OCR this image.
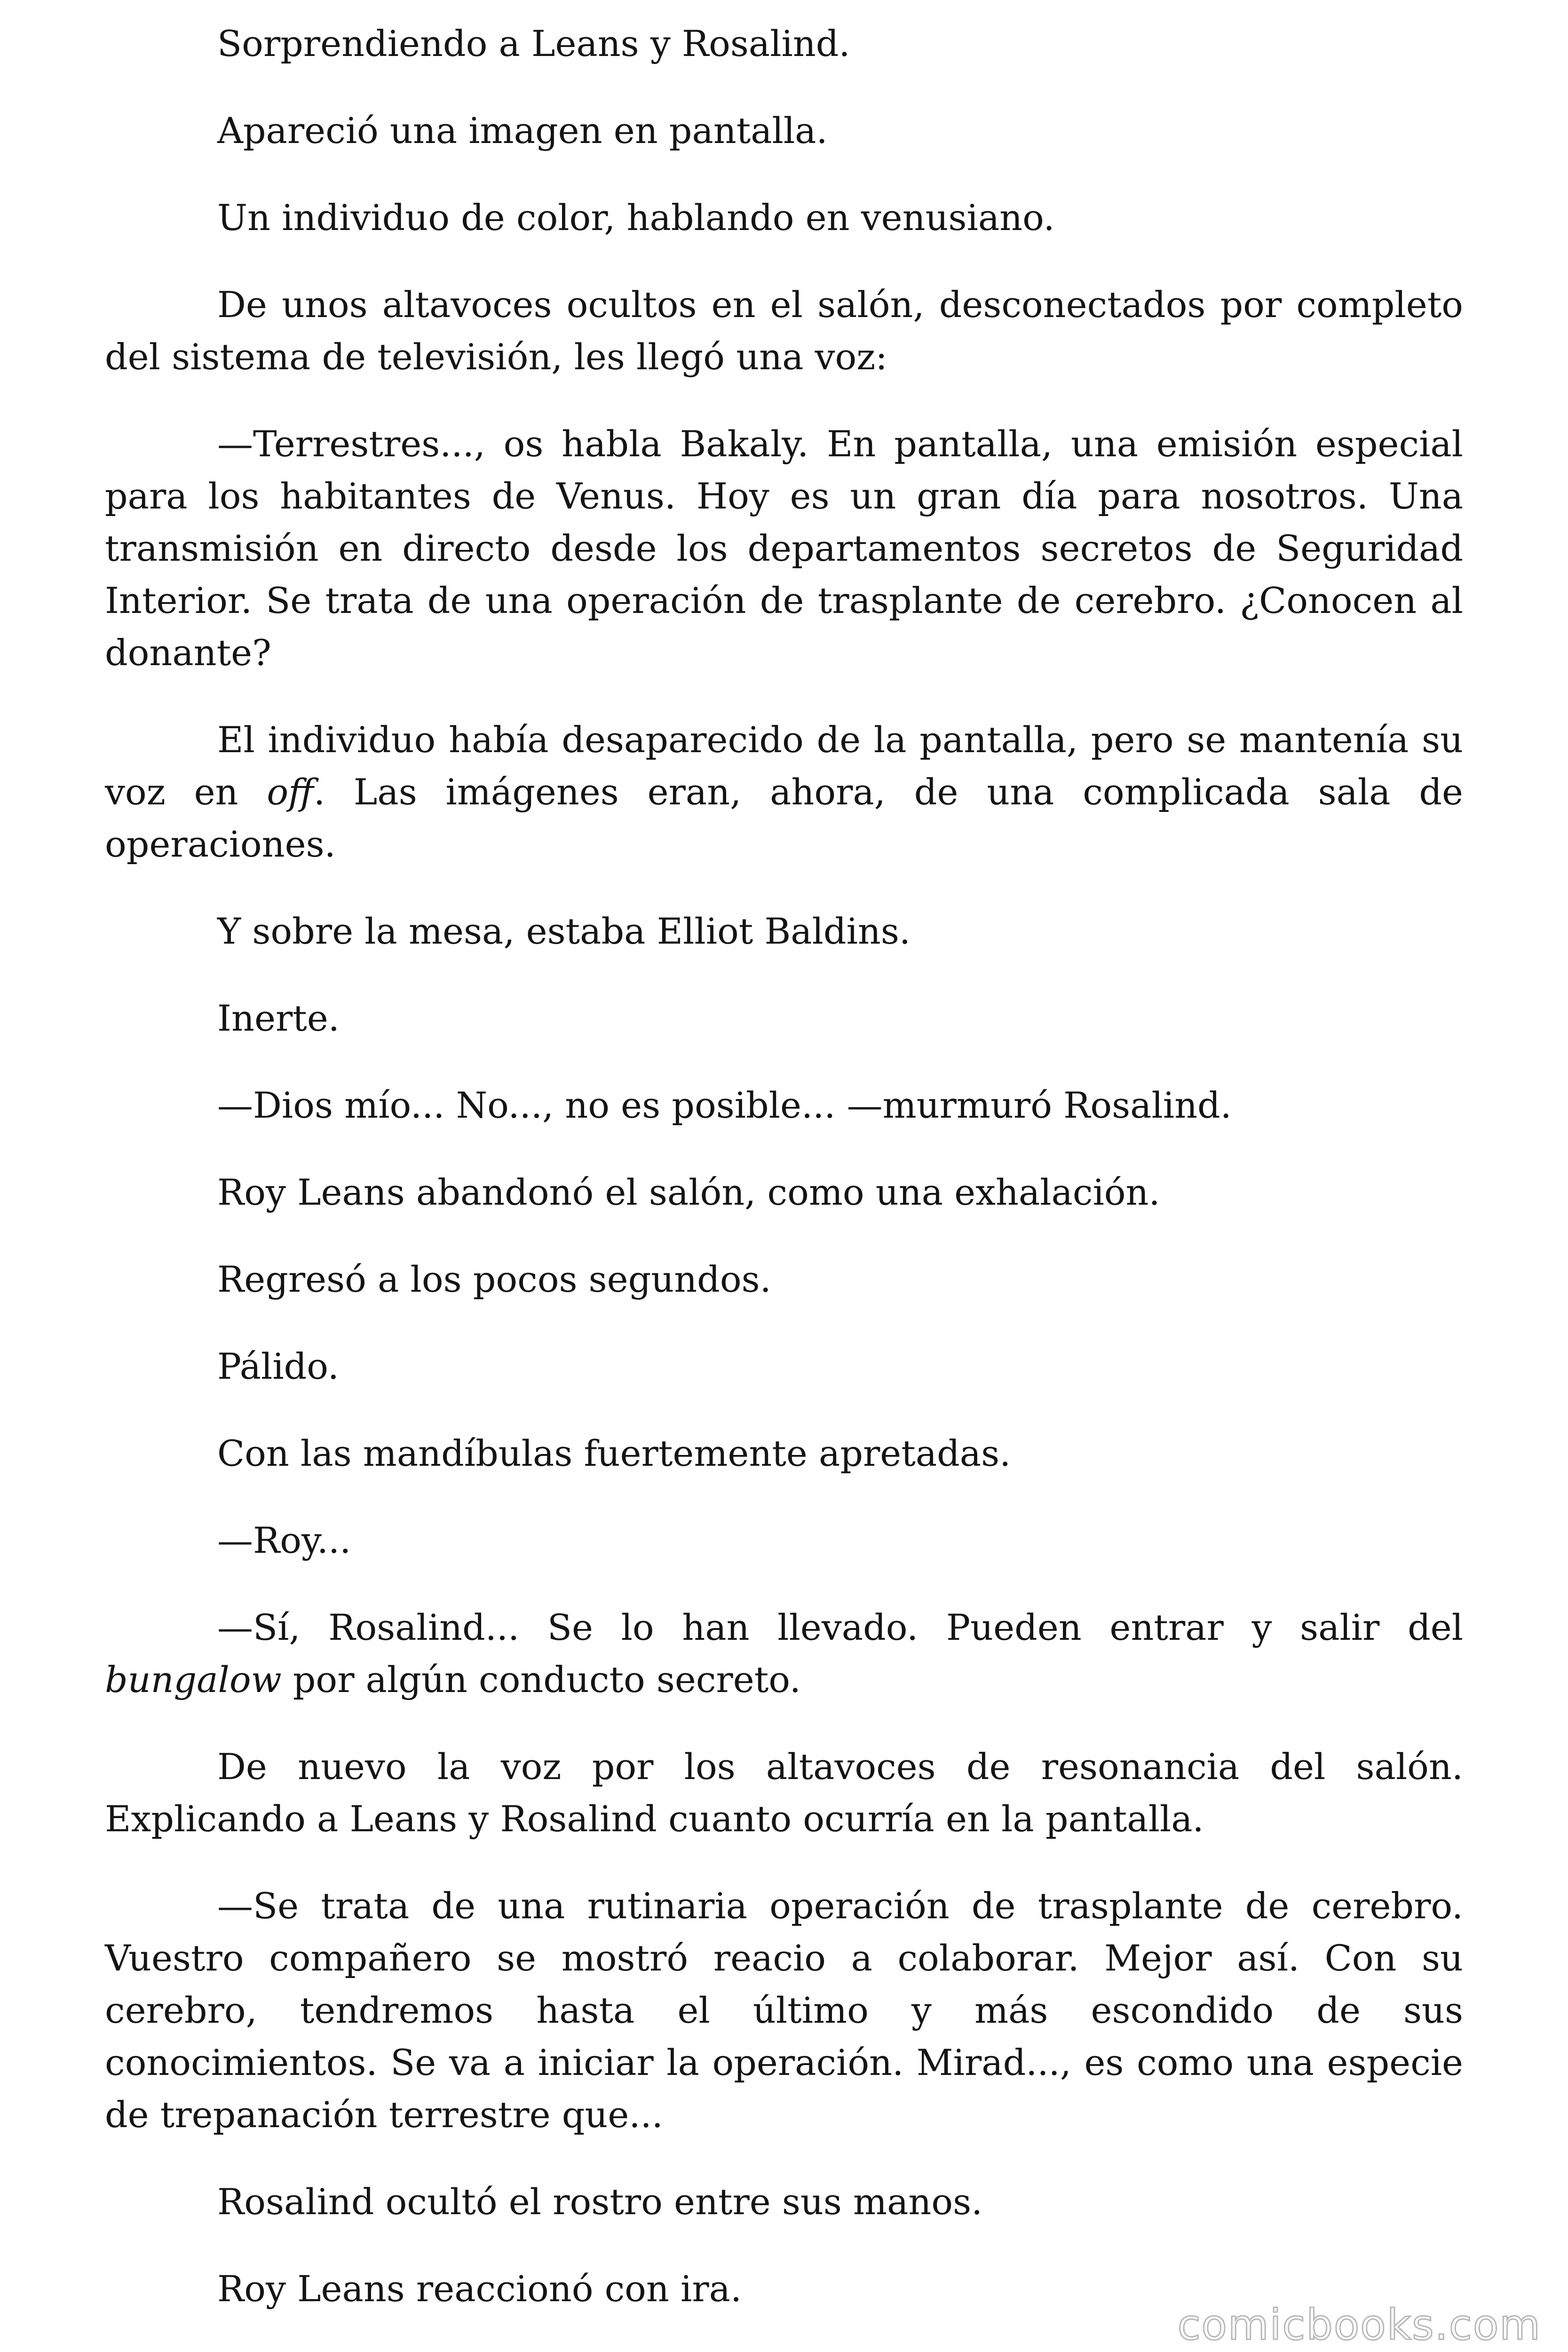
Sorprendiendo a Leans y Rosalind.

Apareció una imagen en pantalla.

Un individuo de color, hablando en venusiano.

De unos altavoces ocultos en el salón, desconectados por completo del sistema de televisión, les llegó una voz:

—Terrestres..., os habla Bakaly. En pantalla, una emisión especial para los habitantes de Venus. Hoy es un gran día para nosotros. Una transmisión en directo desde los departamentos secretos de Seguridad Interior. Se trata de una operación de trasplante de cerebro. ¿Conocen al donante?

El individuo había desaparecido de la pantalla, pero se mantenía su voz en off. Las imágenes eran, ahora, de una complicada sala de operaciones.

Y sobre la mesa, estaba Elliot Baldins.

Inerte.

—Dios mío... No..., no es posible... —murmuró Rosalind.

Roy Leans abandonó el salón, como una exhalación.

Regresó a los pocos segundos.

Pálido.

Con las mandíbulas fuertemente apretadas.

—Roy...

—Sí, Rosalind... Se lo han llevado. Pueden entrar y salir del bungalow por algún conducto secreto.

De nuevo la voz por los altavoces de resonancia del salón. Explicando a Leans y Rosalind cuanto ocurría en la pantalla.

—Se trata de una rutinaria operación de trasplante de cerebro. Vuestro compañero se mostró reacio a colaborar. Mejor así. Con su cerebro, tendremos hasta el último y más escondido de sus conocimientos. Se va a iniciar la operación. Mirad..., es como una especie de trepanación terrestre que...

Rosalind ocultó el rostro entre sus manos.

Roy Leans reaccionó con ira.

comicbooks.com
